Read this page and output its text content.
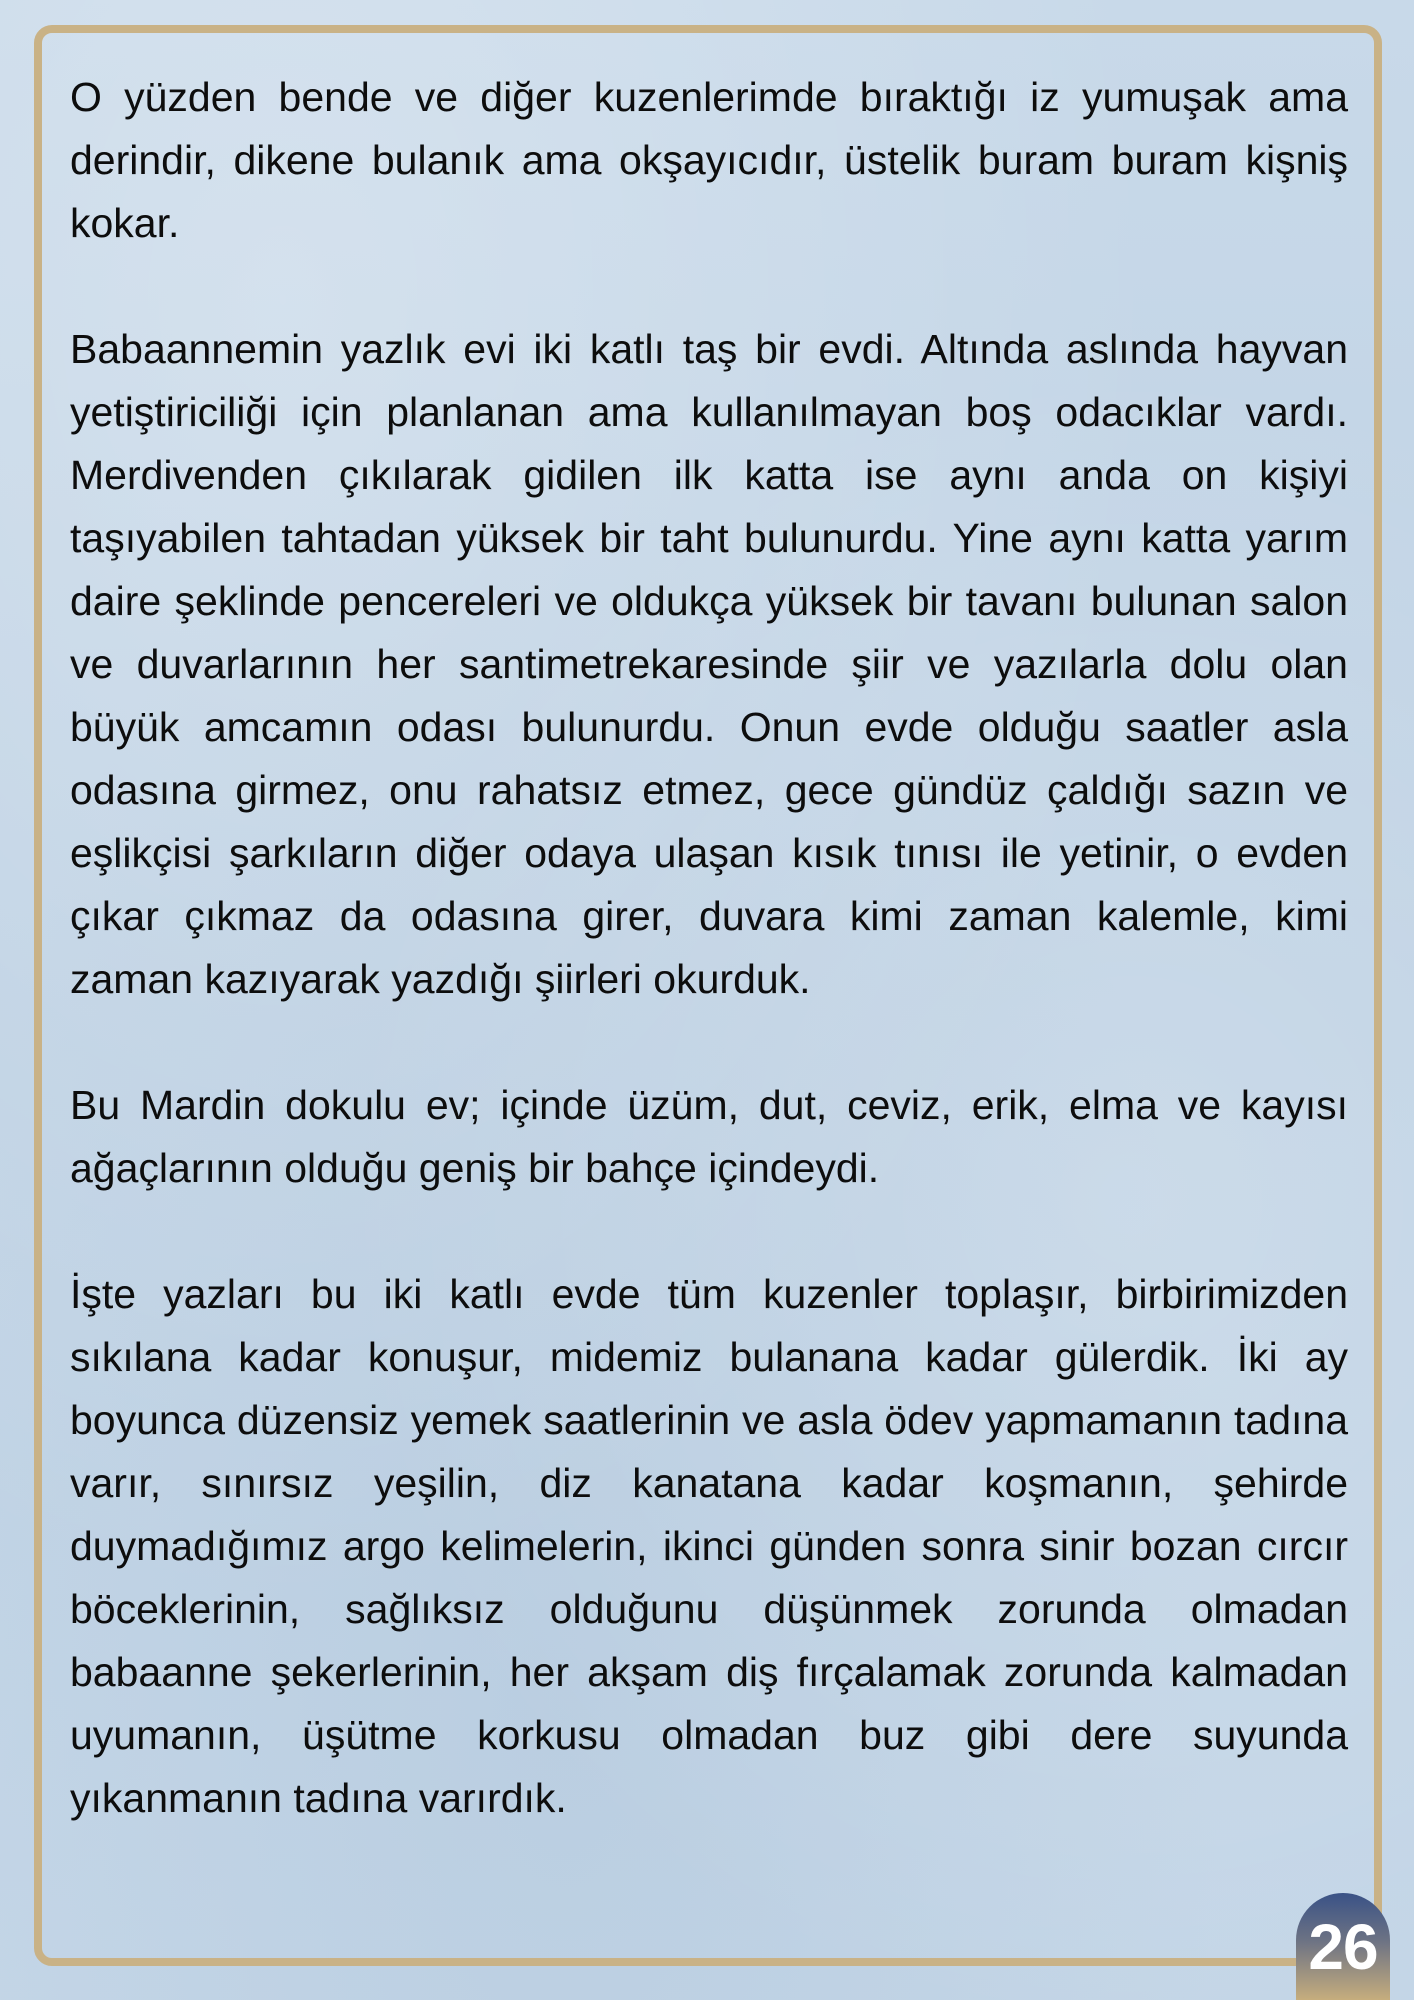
O yüzden bende ve diğer kuzenlerimde bıraktığı iz yumuşak ama derindir, dikene bulanık ama okşayıcıdır, üstelik buram buram kişniş kokar.

Babaannemin yazlık evi iki katlı taş bir evdi. Altında aslında hayvan yetiştiriciliği için planlanan ama kullanılmayan boş odacıklar vardı. Merdivenden çıkılarak gidilen ilk katta ise aynı anda on kişiyi taşıyabilen tahtadan yüksek bir taht bulunurdu. Yine aynı katta yarım daire şeklinde pencereleri ve oldukça yüksek bir tavanı bulunan salon ve duvarlarının her santimetrekaresinde şiir ve yazılarla dolu olan büyük amcamın odası bulunurdu. Onun evde olduğu saatler asla odasına girmez, onu rahatsız etmez, gece gündüz çaldığı sazın ve eşlikçisi şarkıların diğer odaya ulaşan kısık tınısı ile yetinir, o evden çıkar çıkmaz da odasına girer, duvara kimi zaman kalemle, kimi zaman kazıyarak yazdığı şiirleri okurduk.

Bu Mardin dokulu ev; içinde üzüm, dut, ceviz, erik, elma ve kayısı ağaçlarının olduğu geniş bir bahçe içindeydi.

İşte yazları bu iki katlı evde tüm kuzenler toplaşır, birbirimizden sıkılana kadar konuşur, midemiz bulanana kadar gülerdik. İki ay boyunca düzensiz yemek saatlerinin ve asla ödev yapmamanın tadına varır, sınırsız yeşilin, diz kanatana kadar koşmanın, şehirde duymadığımız argo kelimelerin, ikinci günden sonra sinir bozan cırcır böceklerinin, sağlıksız olduğunu düşünmek zorunda olmadan babaanne şekerlerinin, her akşam diş fırçalamak zorunda kalmadan uyumanın, üşütme korkusu olmadan buz gibi dere suyunda yıkanmanın tadına varırdık.

26
